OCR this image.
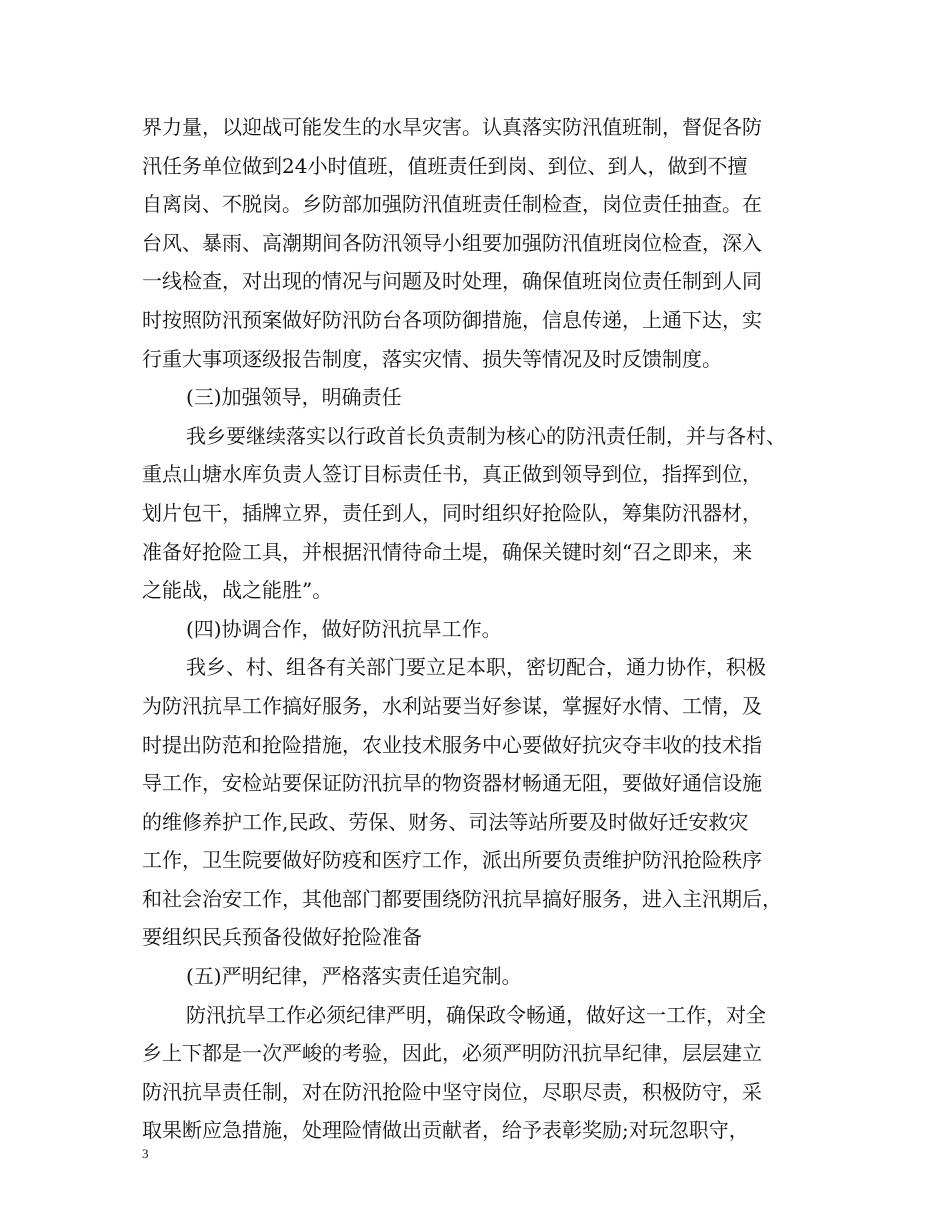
界力量，以迎战可能发生的水旱灾害。认真落实防汛值班制，督促各防
汛任务单位做到24小时值班，值班责任到岗、到位、到人，做到不擅
自离岗、不脱岗。乡防部加强防汛值班责任制检查，岗位责任抽查。在
台风、暴雨、高潮期间各防汛领导小组要加强防汛值班岗位检查，深入
一线检查，对出现的情况与问题及时处理，确保值班岗位责任制到人同
时按照防汛预案做好防汛防台各项防御措施，信息传递，上通下达，实
行重大事项逐级报告制度，落实灾情、损失等情况及时反馈制度。
(三)加强领导，明确责任
我乡要继续落实以行政首长负责制为核心的防汛责任制，并与各村、
重点山塘水库负责人签订目标责任书，真正做到领导到位，指挥到位，
划片包干，插牌立界，责任到人，同时组织好抢险队，筹集防汛器材，
准备好抢险工具，并根据汛情待命土堤，确保关键时刻“召之即来，来
之能战，战之能胜”。
(四)协调合作，做好防汛抗旱工作。
我乡、村、组各有关部门要立足本职，密切配合，通力协作，积极
为防汛抗旱工作搞好服务，水利站要当好参谋，掌握好水情、工情，及
时提出防范和抢险措施，农业技术服务中心要做好抗灾夺丰收的技术指
导工作，安检站要保证防汛抗旱的物资器材畅通无阻，要做好通信设施
的维修养护工作,民政、劳保、财务、司法等站所要及时做好迁安救灾
工作，卫生院要做好防疫和医疗工作，派出所要负责维护防汛抢险秩序
和社会治安工作，其他部门都要围绕防汛抗旱搞好服务，进入主汛期后，
要组织民兵预备役做好抢险准备
(五)严明纪律，严格落实责任追究制。
防汛抗旱工作必须纪律严明，确保政令畅通，做好这一工作，对全
乡上下都是一次严峻的考验，因此，必须严明防汛抗旱纪律，层层建立
防汛抗旱责任制，对在防汛抢险中坚守岗位，尽职尽责，积极防守，采
取果断应急措施，处理险情做出贡献者，给予表彰奖励;对玩忽职守，
3
